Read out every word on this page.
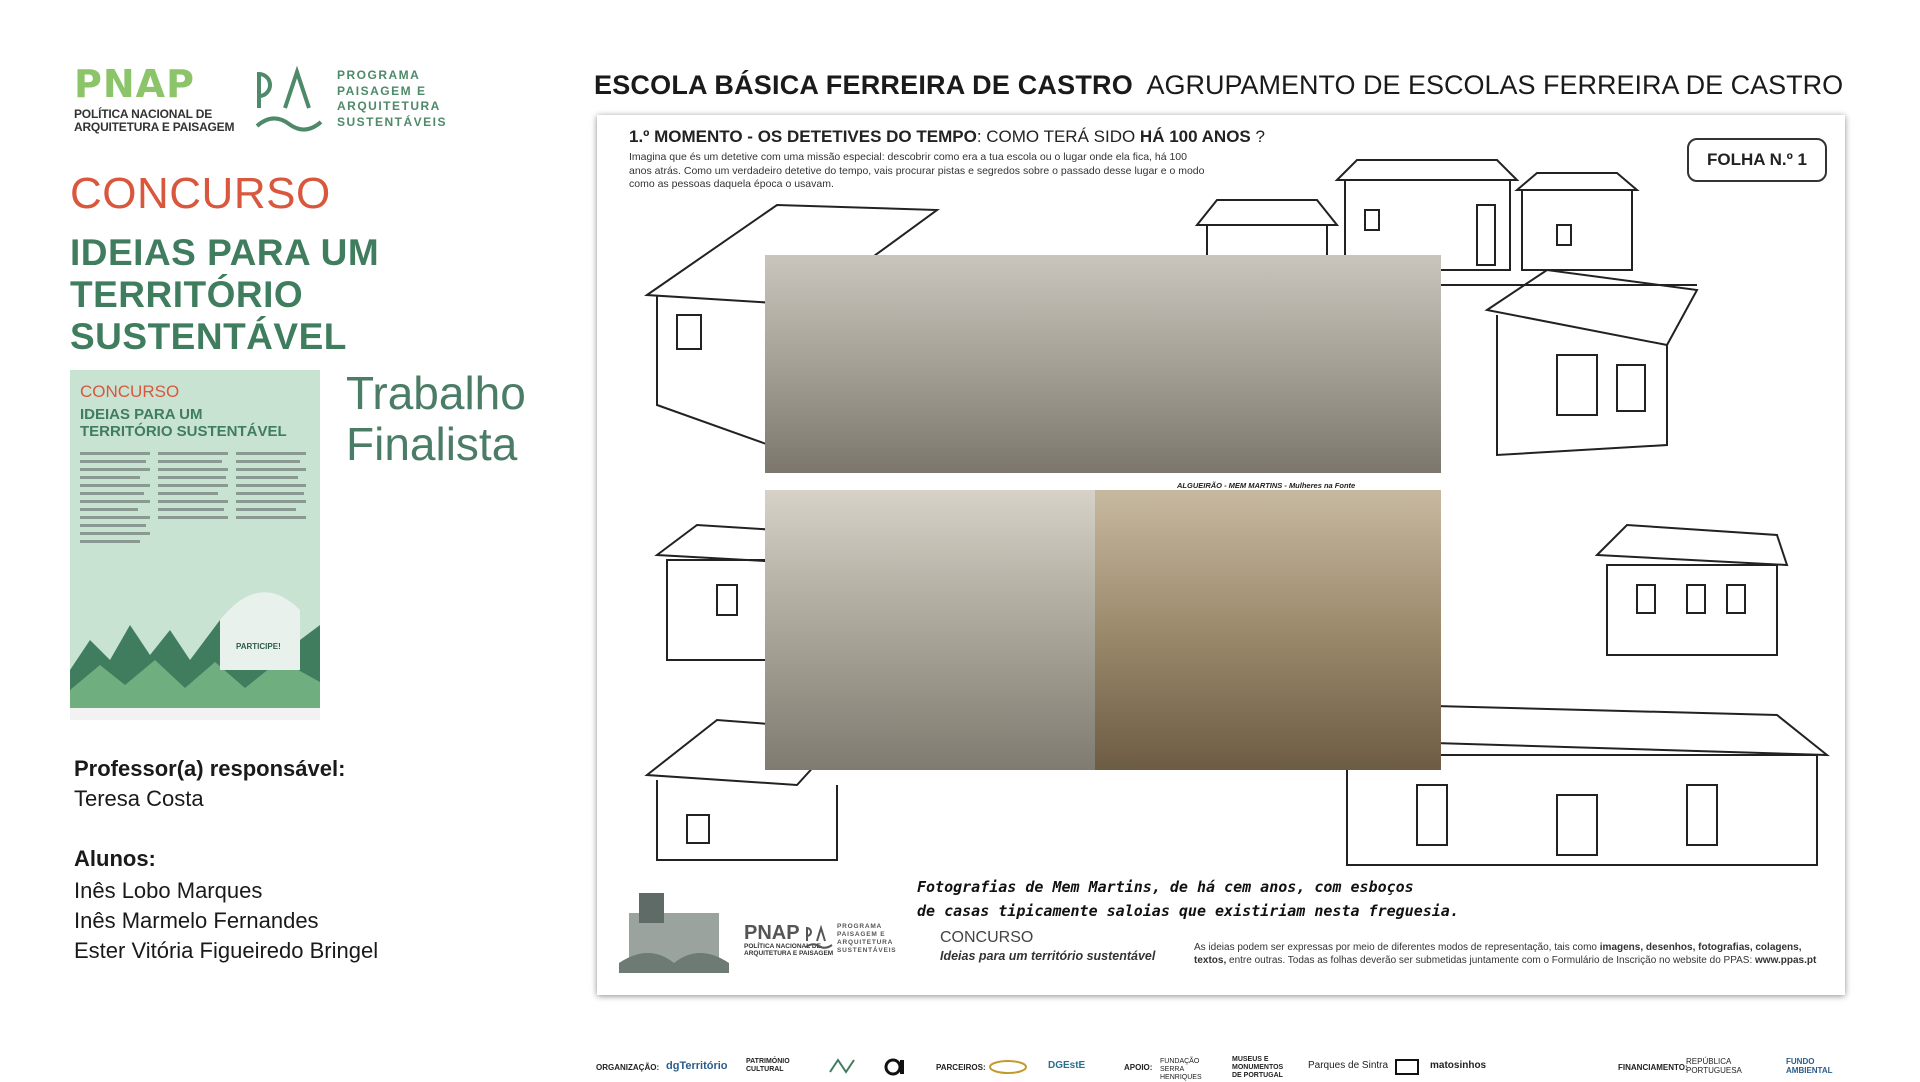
PNAP
POLÍTICA NACIONAL DE
ARQUITETURA E PAISAGEM
PROGRAMA
PAISAGEM E
ARQUITETURA
SUSTENTÁVEIS
CONCURSO
IDEIAS PARA UM
TERRITÓRIO
SUSTENTÁVEL
CONCURSO
IDEIAS PARA UM
TERRITÓRIO SUSTENTÁVEL
PARTICIPE!
Trabalho
Finalista
Professor(a) responsável:
Teresa Costa
Alunos:
Inês Lobo Marques
Inês Marmelo Fernandes
Ester Vitória Figueiredo Bringel
ESCOLA BÁSICA FERREIRA DE CASTRO AGRUPAMENTO DE ESCOLAS FERREIRA DE CASTRO
1.º MOMENTO - OS DETETIVES DO TEMPO: COMO TERÁ SIDO HÁ 100 ANOS ?
Imagina que és um detetive com uma missão especial: descobrir como era a tua escola ou o lugar onde ela fica, há 100 anos atrás. Como um verdadeiro detetive do tempo, vais procurar pistas e segredos sobre o passado desse lugar e o modo como as pessoas daquela época o usavam.
FOLHA N.º 1
ALGUEIRÃO - MEM MARTINS - Mulheres na Fonte
Fotografias de Mem Martins, de há cem anos, com esboços
de casas tipicamente saloias que existiriam nesta freguesia.
PNAP
POLÍTICA NACIONAL DE
ARQUITETURA E PAISAGEM
PROGRAMA
PAISAGEM E
ARQUITETURA
SUSTENTÁVEIS
CONCURSO
Ideias para um território sustentável
As ideias podem ser expressas por meio de diferentes modos de representação, tais como imagens, desenhos, fotografias, colagens, textos, entre outras. Todas as folhas deverão ser submetidas juntamente com o Formulário de Inscrição no website do PPAS: www.ppas.pt
ORGANIZAÇÃO: dgTerritório	PATRIMÓNIO CULTURAL	PARCEIROS:	DGEstE	APOIO:
FUNDAÇÃO SERRA HENRIQUES
MUSEUS E MONUMENTOS DE PORTUGAL
Parques de Sintra	matosinhos	FINANCIAMENTO:
REPÚBLICA PORTUGUESA
FUNDO AMBIENTAL
